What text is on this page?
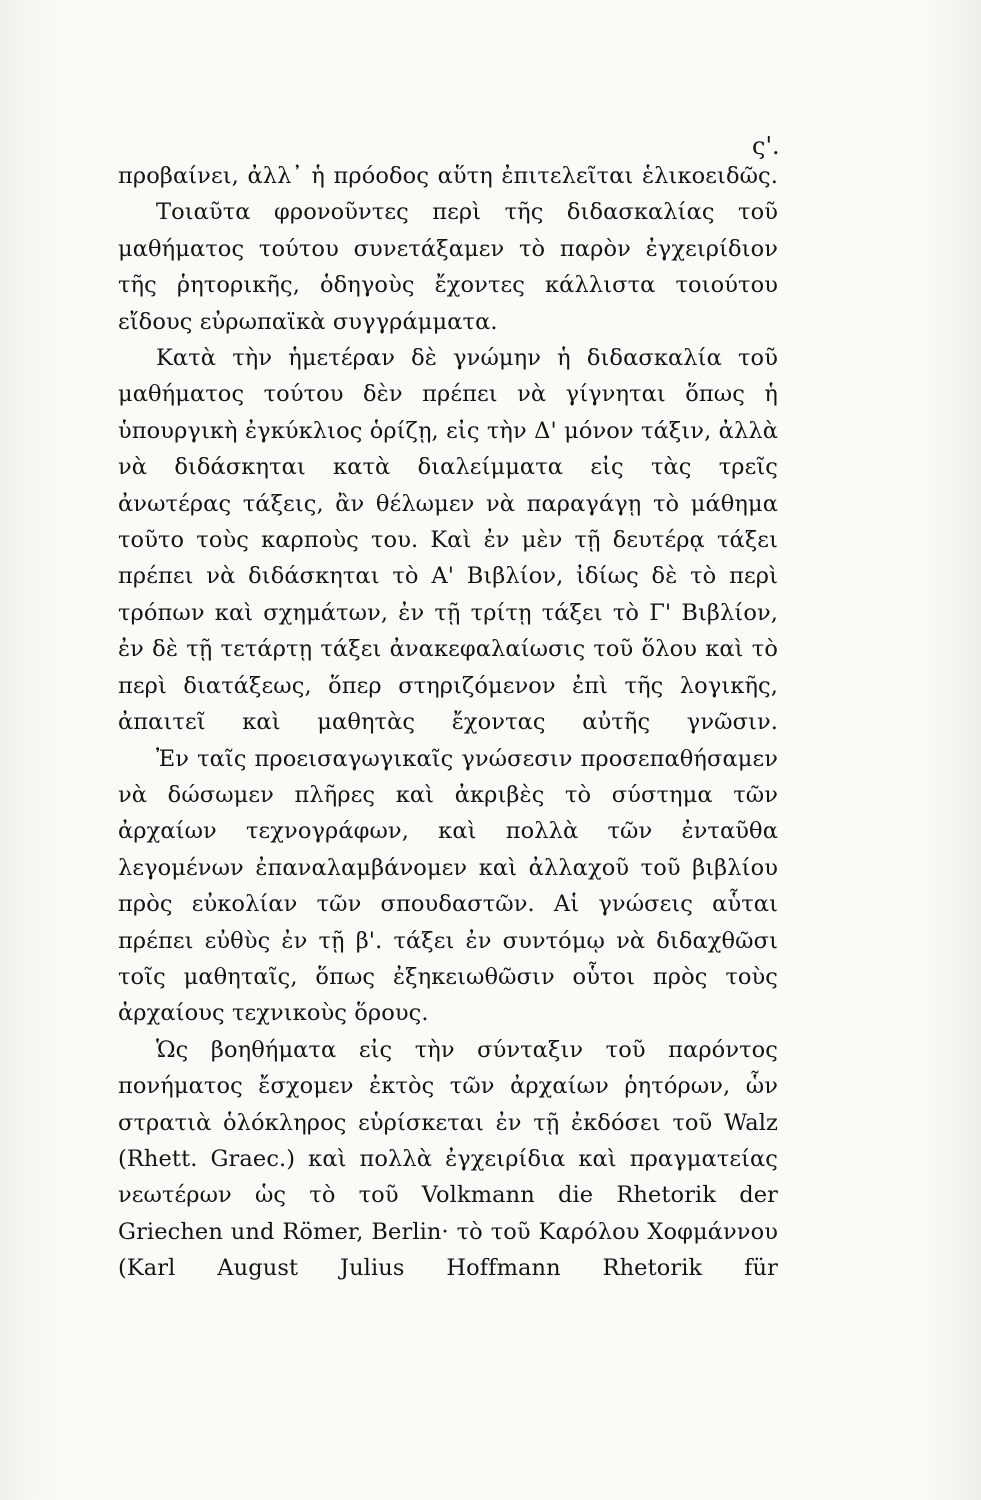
ς'.

προβαίνει, ἀλλ᾽ ἡ πρόοδος αὕτη ἐπιτελεῖται ἑλικοειδῶς.

Τοιαῦτα φρονοῦντες περὶ τῆς διδασκαλίας τοῦ μαθήματος τούτου συνετάξαμεν τὸ παρὸν ἐγχειρίδιον τῆς ῥητορικῆς, ὁδηγοὺς ἔχοντες κάλλιστα τοιούτου εἴδους εὐρωπαϊκὰ συγγράμματα.

Κατὰ τὴν ἡμετέραν δὲ γνώμην ἡ διδασκαλία τοῦ μαθήματος τούτου δὲν πρέπει νὰ γίγνηται ὅπως ἡ ὑπουργικὴ ἐγκύκλιος ὁρίζῃ, εἰς τὴν Δ' μόνον τάξιν, ἀλλὰ νὰ διδάσκηται κατὰ διαλείμματα εἰς τὰς τρεῖς ἀνωτέρας τάξεις, ἂν θέλωμεν νὰ παραγάγῃ τὸ μάθημα τοῦτο τοὺς καρποὺς του. Καὶ ἐν μὲν τῇ δευτέρᾳ τάξει πρέπει νὰ διδάσκηται τὸ Α' Βιβλίον, ἰδίως δὲ τὸ περὶ τρόπων καὶ σχημάτων, ἐν τῇ τρίτῃ τάξει τὸ Γ' Βιβλίον, ἐν δὲ τῇ τετάρτῃ τάξει ἀνακεφαλαίωσις τοῦ ὅλου καὶ τὸ περὶ διατάξεως, ὅπερ στηριζόμενον ἐπὶ τῆς λογικῆς, ἀπαιτεῖ καὶ μαθητὰς ἔχοντας αὐτῆς γνῶσιν.

Ἐν ταῖς προεισαγωγικαῖς γνώσεσιν προσεπαθήσαμεν νὰ δώσωμεν πλῆρες καὶ ἀκριβὲς τὸ σύστημα τῶν ἀρχαίων τεχνογράφων, καὶ πολλὰ τῶν ἐνταῦθα λεγομένων ἐπαναλαμβάνομεν καὶ ἀλλαχοῦ τοῦ βιβλίου πρὸς εὐκολίαν τῶν σπουδαστῶν. Αἱ γνώσεις αὗται πρέπει εὐθὺς ἐν τῇ β'. τάξει ἐν συντόμῳ νὰ διδαχθῶσι τοῖς μαθηταῖς, ὅπως ἐξηκειωθῶσιν οὗτοι πρὸς τοὺς ἀρχαίους τεχνικοὺς ὅρους.

Ὡς βοηθήματα εἰς τὴν σύνταξιν τοῦ παρόντος πονήματος ἔσχομεν ἐκτὸς τῶν ἀρχαίων ῥητόρων, ὧν στρατιὰ ὁλόκληρος εὑρίσκεται ἐν τῇ ἐκδόσει τοῦ Walz (Rhett. Graec.) καὶ πολλὰ ἐγχειρίδια καὶ πραγματείας νεωτέρων ὡς τὸ τοῦ Volkmann die Rhetorik der Griechen und Römer, Berlin· τὸ τοῦ Καρόλου Χοφμάννου (Karl August Julius Hoffmann Rhetorik für
